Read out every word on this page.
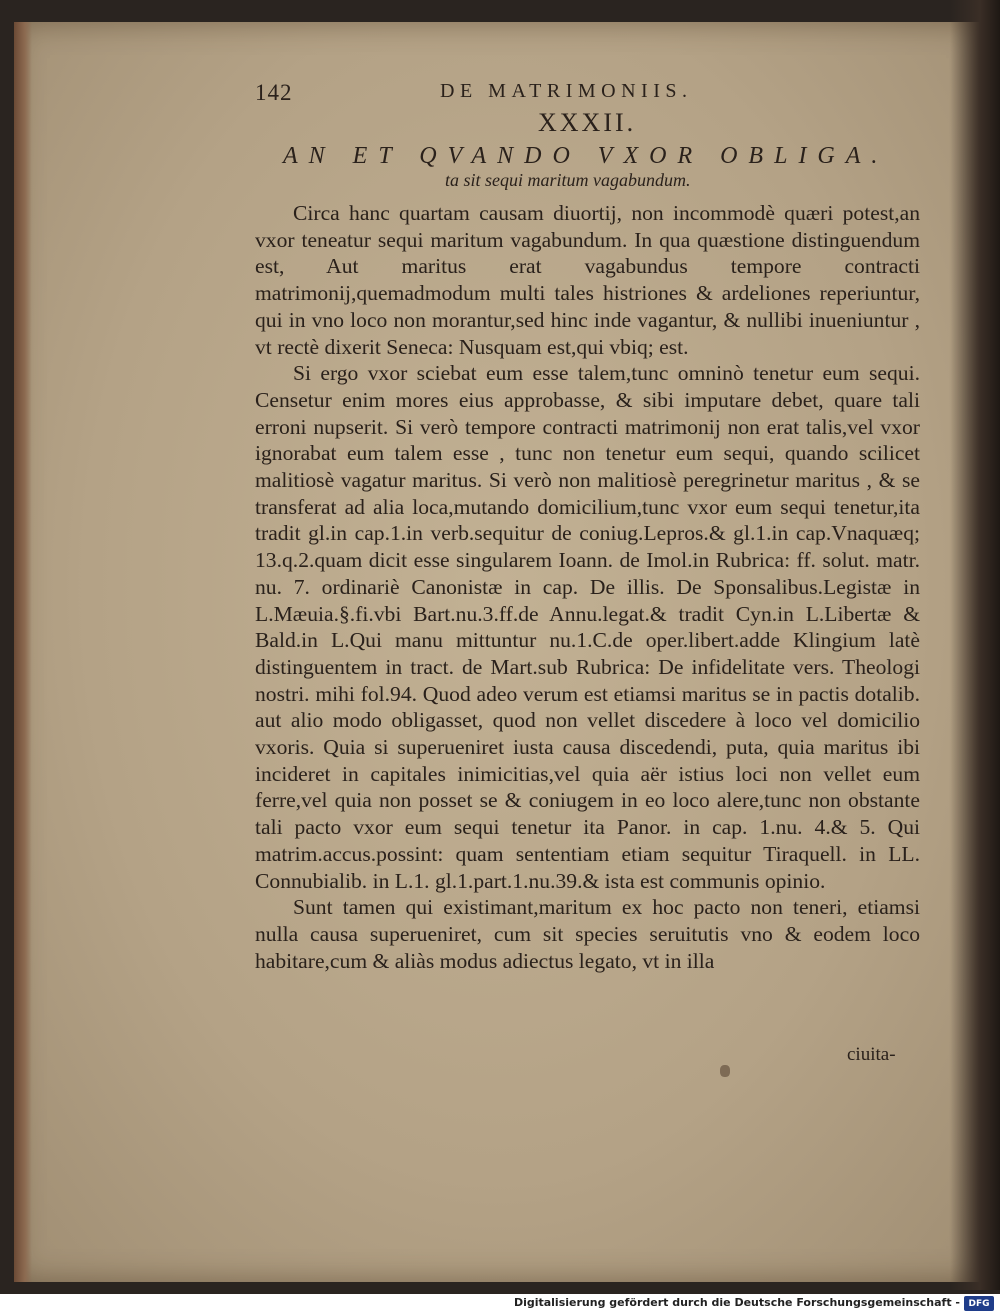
142	DE MATRIMONIIS.
XXXII.
AN ET QVANDO VXOR OBLIGA.
ta sit sequi maritum vagabundum.

Circa hanc quartam causam diuortij, non incommodè quæri potest,an vxor teneatur sequi maritum vagabundum. In qua quæstione distinguendum est, Aut maritus erat vagabundus tempore contracti matrimonij,quemadmodum multi tales histriones & ardeliones reperiuntur, qui in vno loco non morantur,sed hinc inde vagantur, & nullibi inueniuntur , vt rectè dixerit Seneca: Nusquam est,qui vbiq; est.

Si ergo vxor sciebat eum esse talem,tunc omninò tenetur eum sequi. Censetur enim mores eius approbasse, & sibi imputare debet, quare tali erroni nupserit. Si verò tempore contracti matrimonij non erat talis,vel vxor ignorabat eum talem esse , tunc non tenetur eum sequi, quando scilicet malitiosè vagatur maritus. Si verò non malitiosè peregrinetur maritus , & se transferat ad alia loca,mutando domicilium,tunc vxor eum sequi tenetur,ita tradit gl.in cap.1.in verb.sequitur de coniug.Lepros.& gl.1.in cap.Vnaquæq; 13.q.2.quam dicit esse singularem Ioann. de Imol.in Rubrica: ff. solut. matr. nu. 7. ordinariè Canonistæ in cap. De illis. De Sponsalibus.Legistæ in L.Mæuia.§.fi.vbi Bart.nu.3.ff.de Annu.legat.& tradit Cyn.in L.Libertæ & Bald.in L.Qui manu mittuntur nu.1.C.de oper.libert.adde Klingium latè distinguentem in tract. de Mart.sub Rubrica: De infidelitate vers. Theologi nostri. mihi fol.94. Quod adeo verum est etiamsi maritus se in pactis dotalib. aut alio modo obligasset, quod non vellet discedere à loco vel domicilio vxoris. Quia si superueniret iusta causa discedendi, puta, quia maritus ibi incideret in capitales inimicitias,vel quia aër istius loci non vellet eum ferre,vel quia non posset se & coniugem in eo loco alere,tunc non obstante tali pacto vxor eum sequi tenetur ita Panor. in cap. 1.nu. 4.& 5. Qui matrim.accus.possint: quam sententiam etiam sequitur Tiraquell. in LL. Connubialib. in L.1. gl.1.part.1.nu.39.& ista est communis opinio.

Sunt tamen qui existimant,maritum ex hoc pacto non teneri, etiamsi nulla causa superueniret, cum sit species seruitutis vno & eodem loco habitare,cum & aliàs modus adiectus legato, vt in illa

ciuita-
Digitalisierung gefördert durch die Deutsche Forschungsgemeinschaft - DFG
